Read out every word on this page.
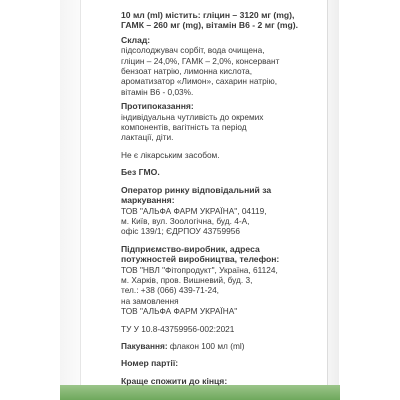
10 мл (ml) містить: гліцин – 3120 мг (mg),
ГАМК – 260 мг (mg), вітамін В6 - 2 мг (mg).
Склад:
підсолоджувач сорбіт, вода очищена,
гліцин – 24,0%, ГАМК – 2,0%, консервант
бензоат натрію, лимонна кислота,
ароматизатор «Лимон», сахарин натрію,
вітамін В6 - 0,03%.
Протипоказання:
індивідуальна чутливість до окремих
компонентів, вагітність та період
лактації, діти.
Не є лікарським засобом.
Без ГМО.
Оператор ринку відповідальний за
маркування:
ТОВ "АЛЬФА ФАРМ УКРАЇНА", 04119,
м. Київ, вул. Зоологічна, буд. 4-А,
офіс 139/1; ЄДРПОУ 43759956
Підприємство-виробник, адреса
потужностей виробництва, телефон:
ТОВ "НВЛ "Фітопродукт", Україна, 61124,
м. Харків, пров. Вишневий, буд. 3,
тел.: +38 (066) 439-71-24,
на замовлення
ТОВ "АЛЬФА ФАРМ УКРАЇНА"
ТУ У 10.8-43759956-002:2021
Пакування: флакон 100 мл (ml)
Номер партії:
Краще спожити до кінця:
